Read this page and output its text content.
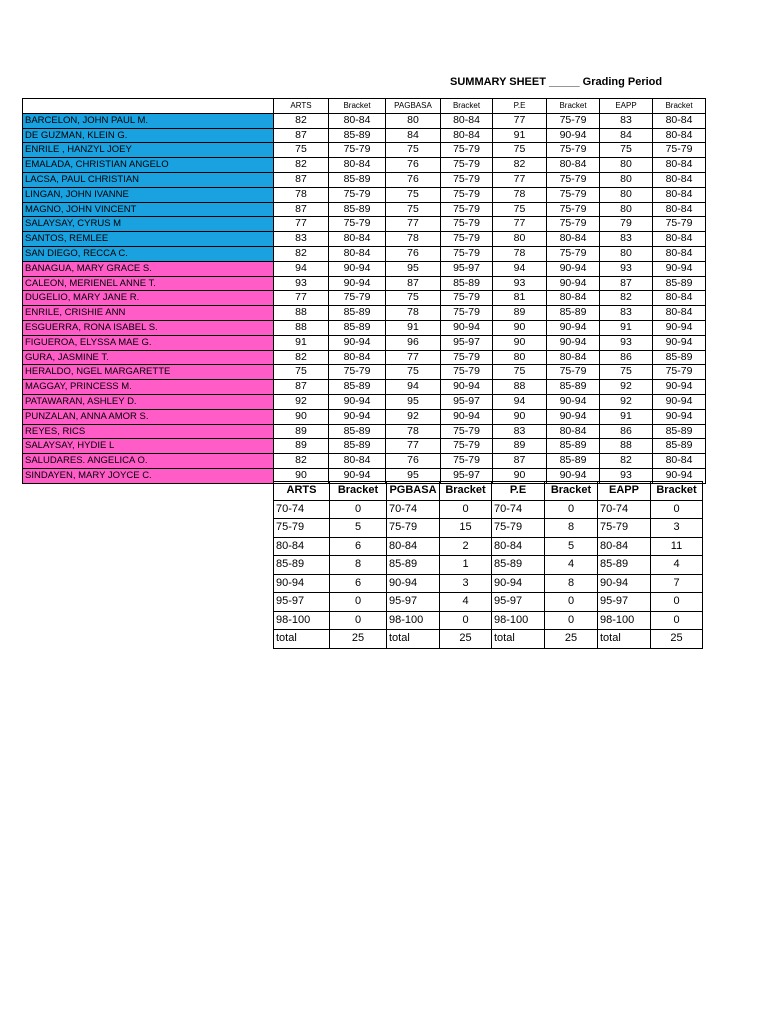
SUMMARY SHEET _____ Grading Period
	ARTS	Bracket	PAGBASA	Bracket	P.E	Bracket	EAPP	Bracket
BARCELON, JOHN PAUL M.	82	80-84	80	80-84	77	75-79	83	80-84
DE GUZMAN, KLEIN G.	87	85-89	84	80-84	91	90-94	84	80-84
ENRILE , HANZYL JOEY	75	75-79	75	75-79	75	75-79	75	75-79
EMALADA, CHRISTIAN ANGELO	82	80-84	76	75-79	82	80-84	80	80-84
LACSA, PAUL CHRISTIAN	87	85-89	76	75-79	77	75-79	80	80-84
LINGAN, JOHN IVANNE	78	75-79	75	75-79	78	75-79	80	80-84
MAGNO, JOHN VINCENT	87	85-89	75	75-79	75	75-79	80	80-84
SALAYSAY, CYRUS M	77	75-79	77	75-79	77	75-79	79	75-79
SANTOS, REMLEE	83	80-84	78	75-79	80	80-84	83	80-84
SAN DIEGO, RECCA C.	82	80-84	76	75-79	78	75-79	80	80-84
BANAGUA, MARY GRACE S.	94	90-94	95	95-97	94	90-94	93	90-94
CALEON, MERIENEL ANNE T.	93	90-94	87	85-89	93	90-94	87	85-89
DUGELIO, MARY JANE R.	77	75-79	75	75-79	81	80-84	82	80-84
ENRILE, CRISHIE ANN	88	85-89	78	75-79	89	85-89	83	80-84
ESGUERRA, RONA ISABEL S.	88	85-89	91	90-94	90	90-94	91	90-94
FIGUEROA, ELYSSA MAE G.	91	90-94	96	95-97	90	90-94	93	90-94
GURA, JASMINE T.	82	80-84	77	75-79	80	80-84	86	85-89
HERALDO, NGEL MARGARETTE	75	75-79	75	75-79	75	75-79	75	75-79
MAGGAY, PRINCESS M.	87	85-89	94	90-94	88	85-89	92	90-94
PATAWARAN, ASHLEY D.	92	90-94	95	95-97	94	90-94	92	90-94
PUNZALAN, ANNA AMOR S.	90	90-94	92	90-94	90	90-94	91	90-94
REYES, RICS	89	85-89	78	75-79	83	80-84	86	85-89
SALAYSAY, HYDIE L	89	85-89	77	75-79	89	85-89	88	85-89
SALUDARES. ANGELICA O.	82	80-84	76	75-79	87	85-89	82	80-84
SINDAYEN, MARY JOYCE C.	90	90-94	95	95-97	90	90-94	93	90-94
ARTS	Bracket	PGBASA	Bracket	P.E	Bracket	EAPP	Bracket
70-74	0	70-74	0	70-74	0	70-74	0
75-79	5	75-79	15	75-79	8	75-79	3
80-84	6	80-84	2	80-84	5	80-84	11
85-89	8	85-89	1	85-89	4	85-89	4
90-94	6	90-94	3	90-94	8	90-94	7
95-97	0	95-97	4	95-97	0	95-97	0
98-100	0	98-100	0	98-100	0	98-100	0
total	25	total	25	total	25	total	25
